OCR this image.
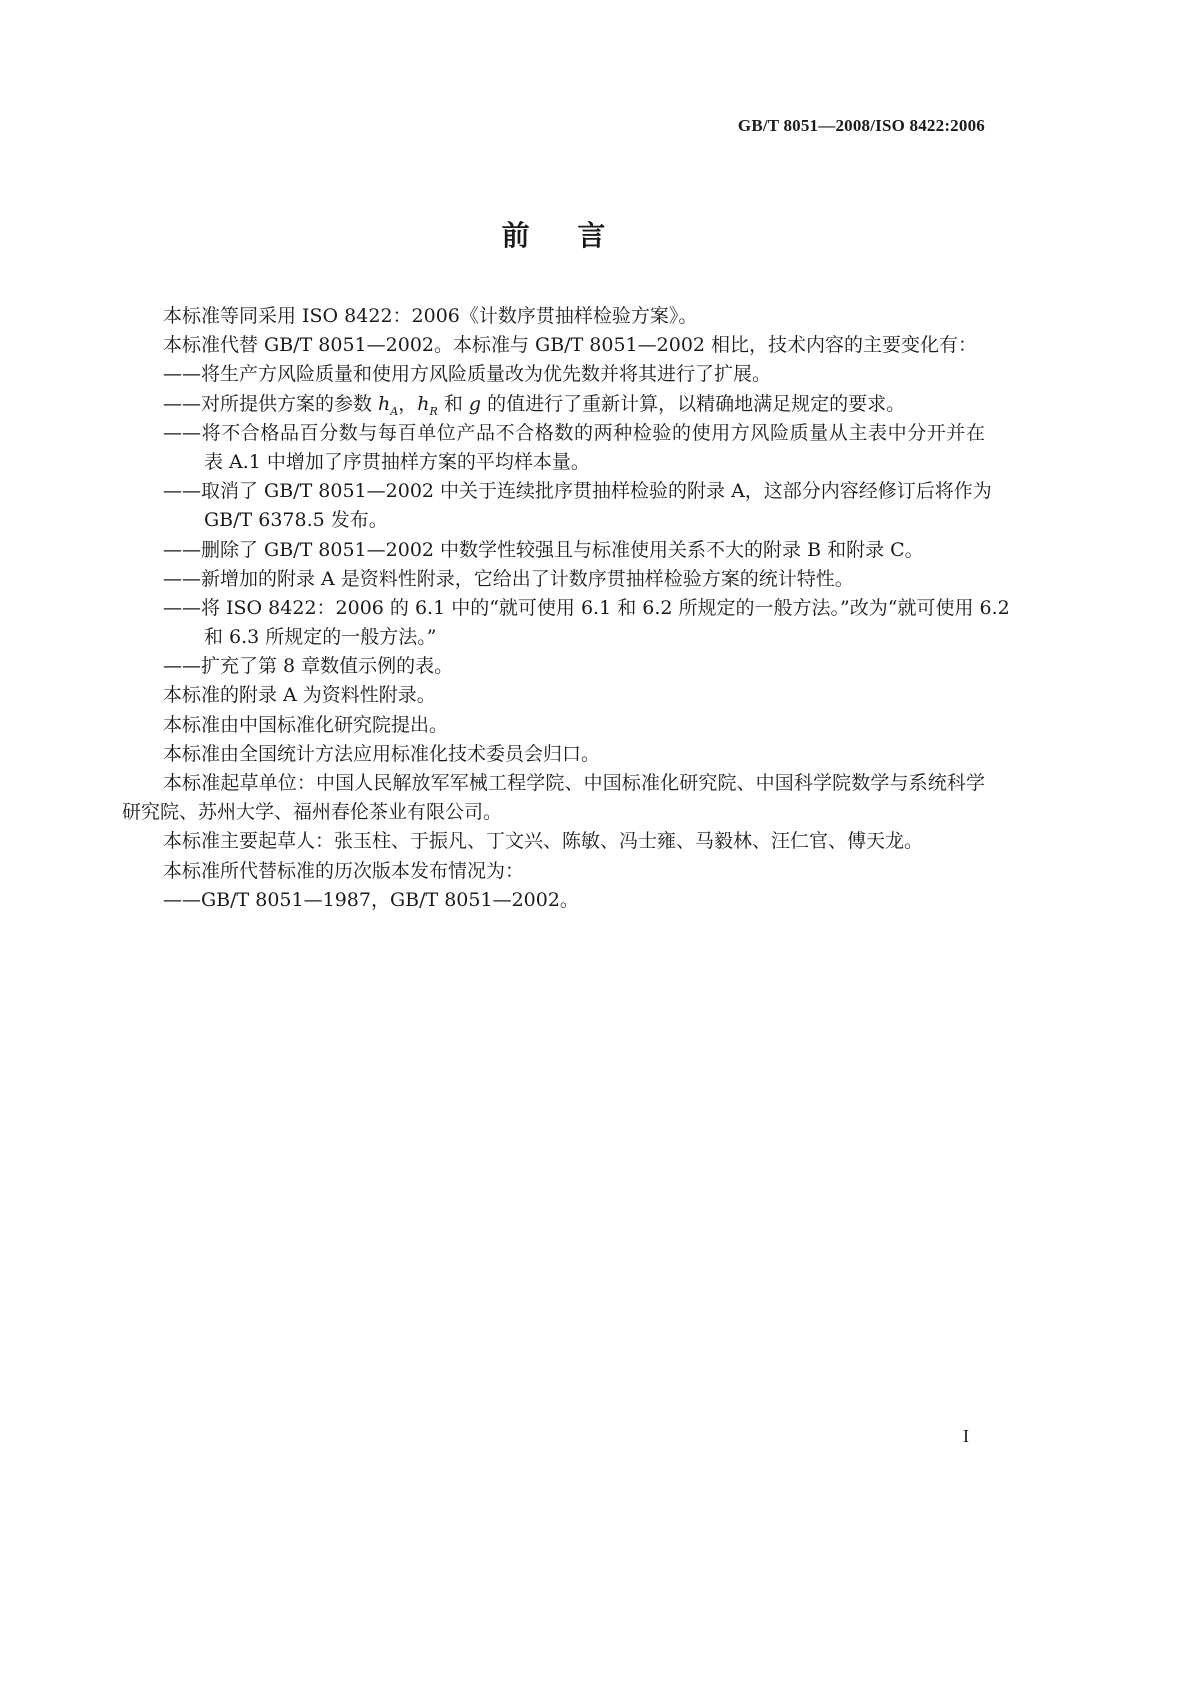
GB/T 8051—2008/ISO 8422:2006
前 言
本标准等同采用 ISO 8422：2006《计数序贯抽样检验方案》。
本标准代替 GB/T 8051—2002。本标准与 GB/T 8051—2002 相比，技术内容的主要变化有：
——将生产方风险质量和使用方风险质量改为优先数并将其进行了扩展。
——对所提供方案的参数 $h_A$，$h_R$ 和 g 的值进行了重新计算，以精确地满足规定的要求。
——将不合格品百分数与每百单位产品不合格数的两种检验的使用方风险质量从主表中分开并在
表 A.1 中增加了序贯抽样方案的平均样本量。
——取消了 GB/T 8051—2002 中关于连续批序贯抽样检验的附录 A，这部分内容经修订后将作为
GB/T 6378.5 发布。
——删除了 GB/T 8051—2002 中数学性较强且与标准使用关系不大的附录 B 和附录 C。
——新增加的附录 A 是资料性附录，它给出了计数序贯抽样检验方案的统计特性。
——将 ISO 8422：2006 的 6.1 中的“就可使用 6.1 和 6.2 所规定的一般方法。”改为“就可使用 6.2
和 6.3 所规定的一般方法。”
——扩充了第 8 章数值示例的表。
本标准的附录 A 为资料性附录。
本标准由中国标准化研究院提出。
本标准由全国统计方法应用标准化技术委员会归口。
本标准起草单位：中国人民解放军军械工程学院、中国标准化研究院、中国科学院数学与系统科学
研究院、苏州大学、福州春伦茶业有限公司。
本标准主要起草人：张玉柱、于振凡、丁文兴、陈敏、冯士雍、马毅林、汪仁官、傅天龙。
本标准所代替标准的历次版本发布情况为：
——GB/T 8051—1987，GB/T 8051—2002。
I
